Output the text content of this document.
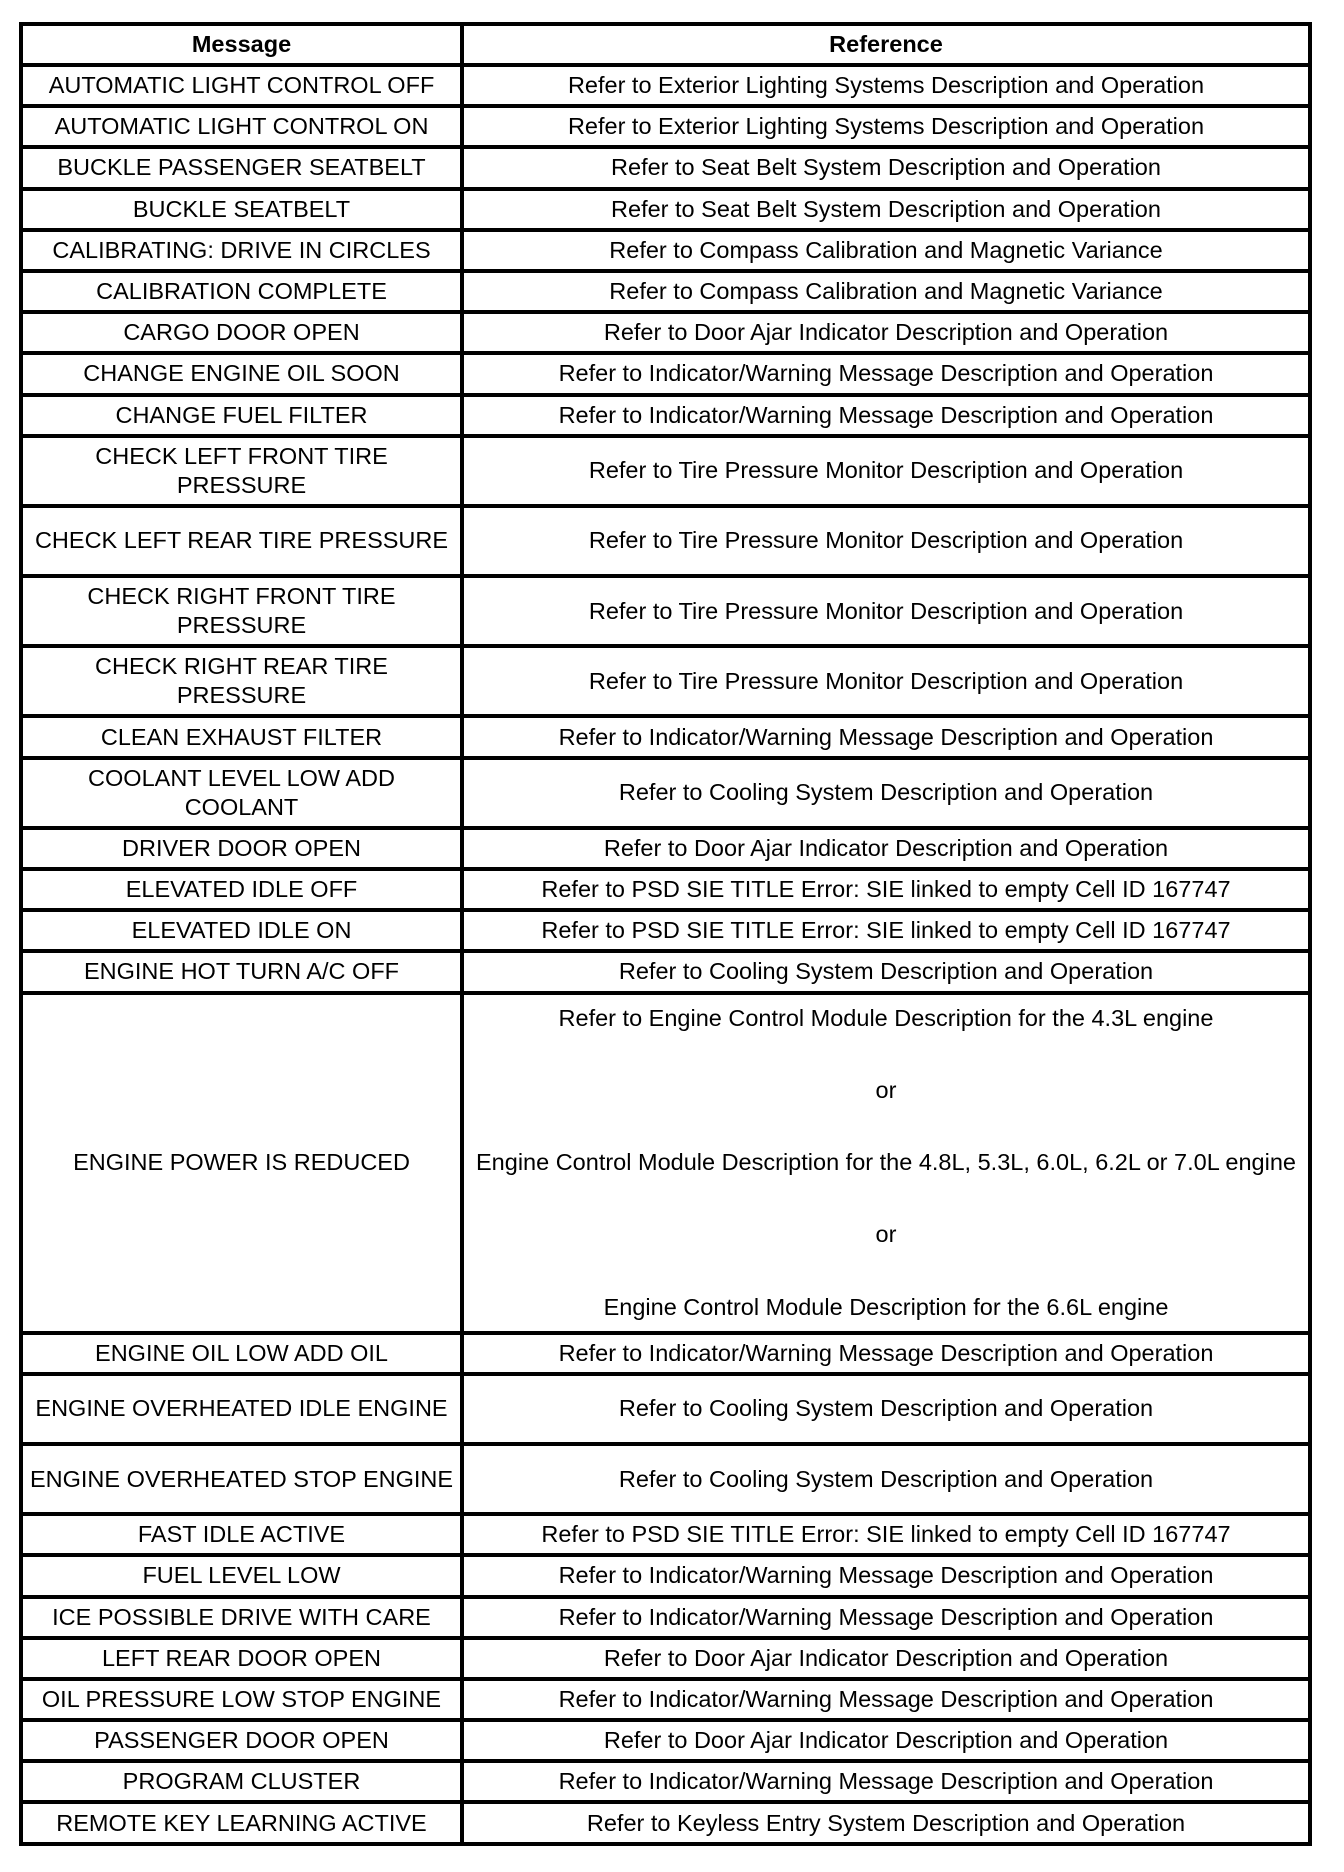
Message	Reference
AUTOMATIC LIGHT CONTROL OFF	Refer to Exterior Lighting Systems Description and Operation
AUTOMATIC LIGHT CONTROL ON	Refer to Exterior Lighting Systems Description and Operation
BUCKLE PASSENGER SEATBELT	Refer to Seat Belt System Description and Operation
BUCKLE SEATBELT	Refer to Seat Belt System Description and Operation
CALIBRATING: DRIVE IN CIRCLES	Refer to Compass Calibration and Magnetic Variance
CALIBRATION COMPLETE	Refer to Compass Calibration and Magnetic Variance
CARGO DOOR OPEN	Refer to Door Ajar Indicator Description and Operation
CHANGE ENGINE OIL SOON	Refer to Indicator/Warning Message Description and Operation
CHANGE FUEL FILTER	Refer to Indicator/Warning Message Description and Operation
CHECK LEFT FRONT TIRE PRESSURE	Refer to Tire Pressure Monitor Description and Operation
CHECK LEFT REAR TIRE PRESSURE	Refer to Tire Pressure Monitor Description and Operation
CHECK RIGHT FRONT TIRE PRESSURE	Refer to Tire Pressure Monitor Description and Operation
CHECK RIGHT REAR TIRE PRESSURE	Refer to Tire Pressure Monitor Description and Operation
CLEAN EXHAUST FILTER	Refer to Indicator/Warning Message Description and Operation
COOLANT LEVEL LOW ADD COOLANT	Refer to Cooling System Description and Operation
DRIVER DOOR OPEN	Refer to Door Ajar Indicator Description and Operation
ELEVATED IDLE OFF	Refer to PSD SIE TITLE Error: SIE linked to empty Cell ID 167747
ELEVATED IDLE ON	Refer to PSD SIE TITLE Error: SIE linked to empty Cell ID 167747
ENGINE HOT TURN A/C OFF	Refer to Cooling System Description and Operation
ENGINE POWER IS REDUCED	Refer to Engine Control Module Description for the 4.3L engine
or
Engine Control Module Description for the 4.8L, 5.3L, 6.0L, 6.2L or 7.0L engine
or
Engine Control Module Description for the 6.6L engine

ENGINE OIL LOW ADD OIL	Refer to Indicator/Warning Message Description and Operation
ENGINE OVERHEATED IDLE ENGINE	Refer to Cooling System Description and Operation
ENGINE OVERHEATED STOP ENGINE	Refer to Cooling System Description and Operation
FAST IDLE ACTIVE	Refer to PSD SIE TITLE Error: SIE linked to empty Cell ID 167747
FUEL LEVEL LOW	Refer to Indicator/Warning Message Description and Operation
ICE POSSIBLE DRIVE WITH CARE	Refer to Indicator/Warning Message Description and Operation
LEFT REAR DOOR OPEN	Refer to Door Ajar Indicator Description and Operation
OIL PRESSURE LOW STOP ENGINE	Refer to Indicator/Warning Message Description and Operation
PASSENGER DOOR OPEN	Refer to Door Ajar Indicator Description and Operation
PROGRAM CLUSTER	Refer to Indicator/Warning Message Description and Operation
REMOTE KEY LEARNING ACTIVE	Refer to Keyless Entry System Description and Operation
